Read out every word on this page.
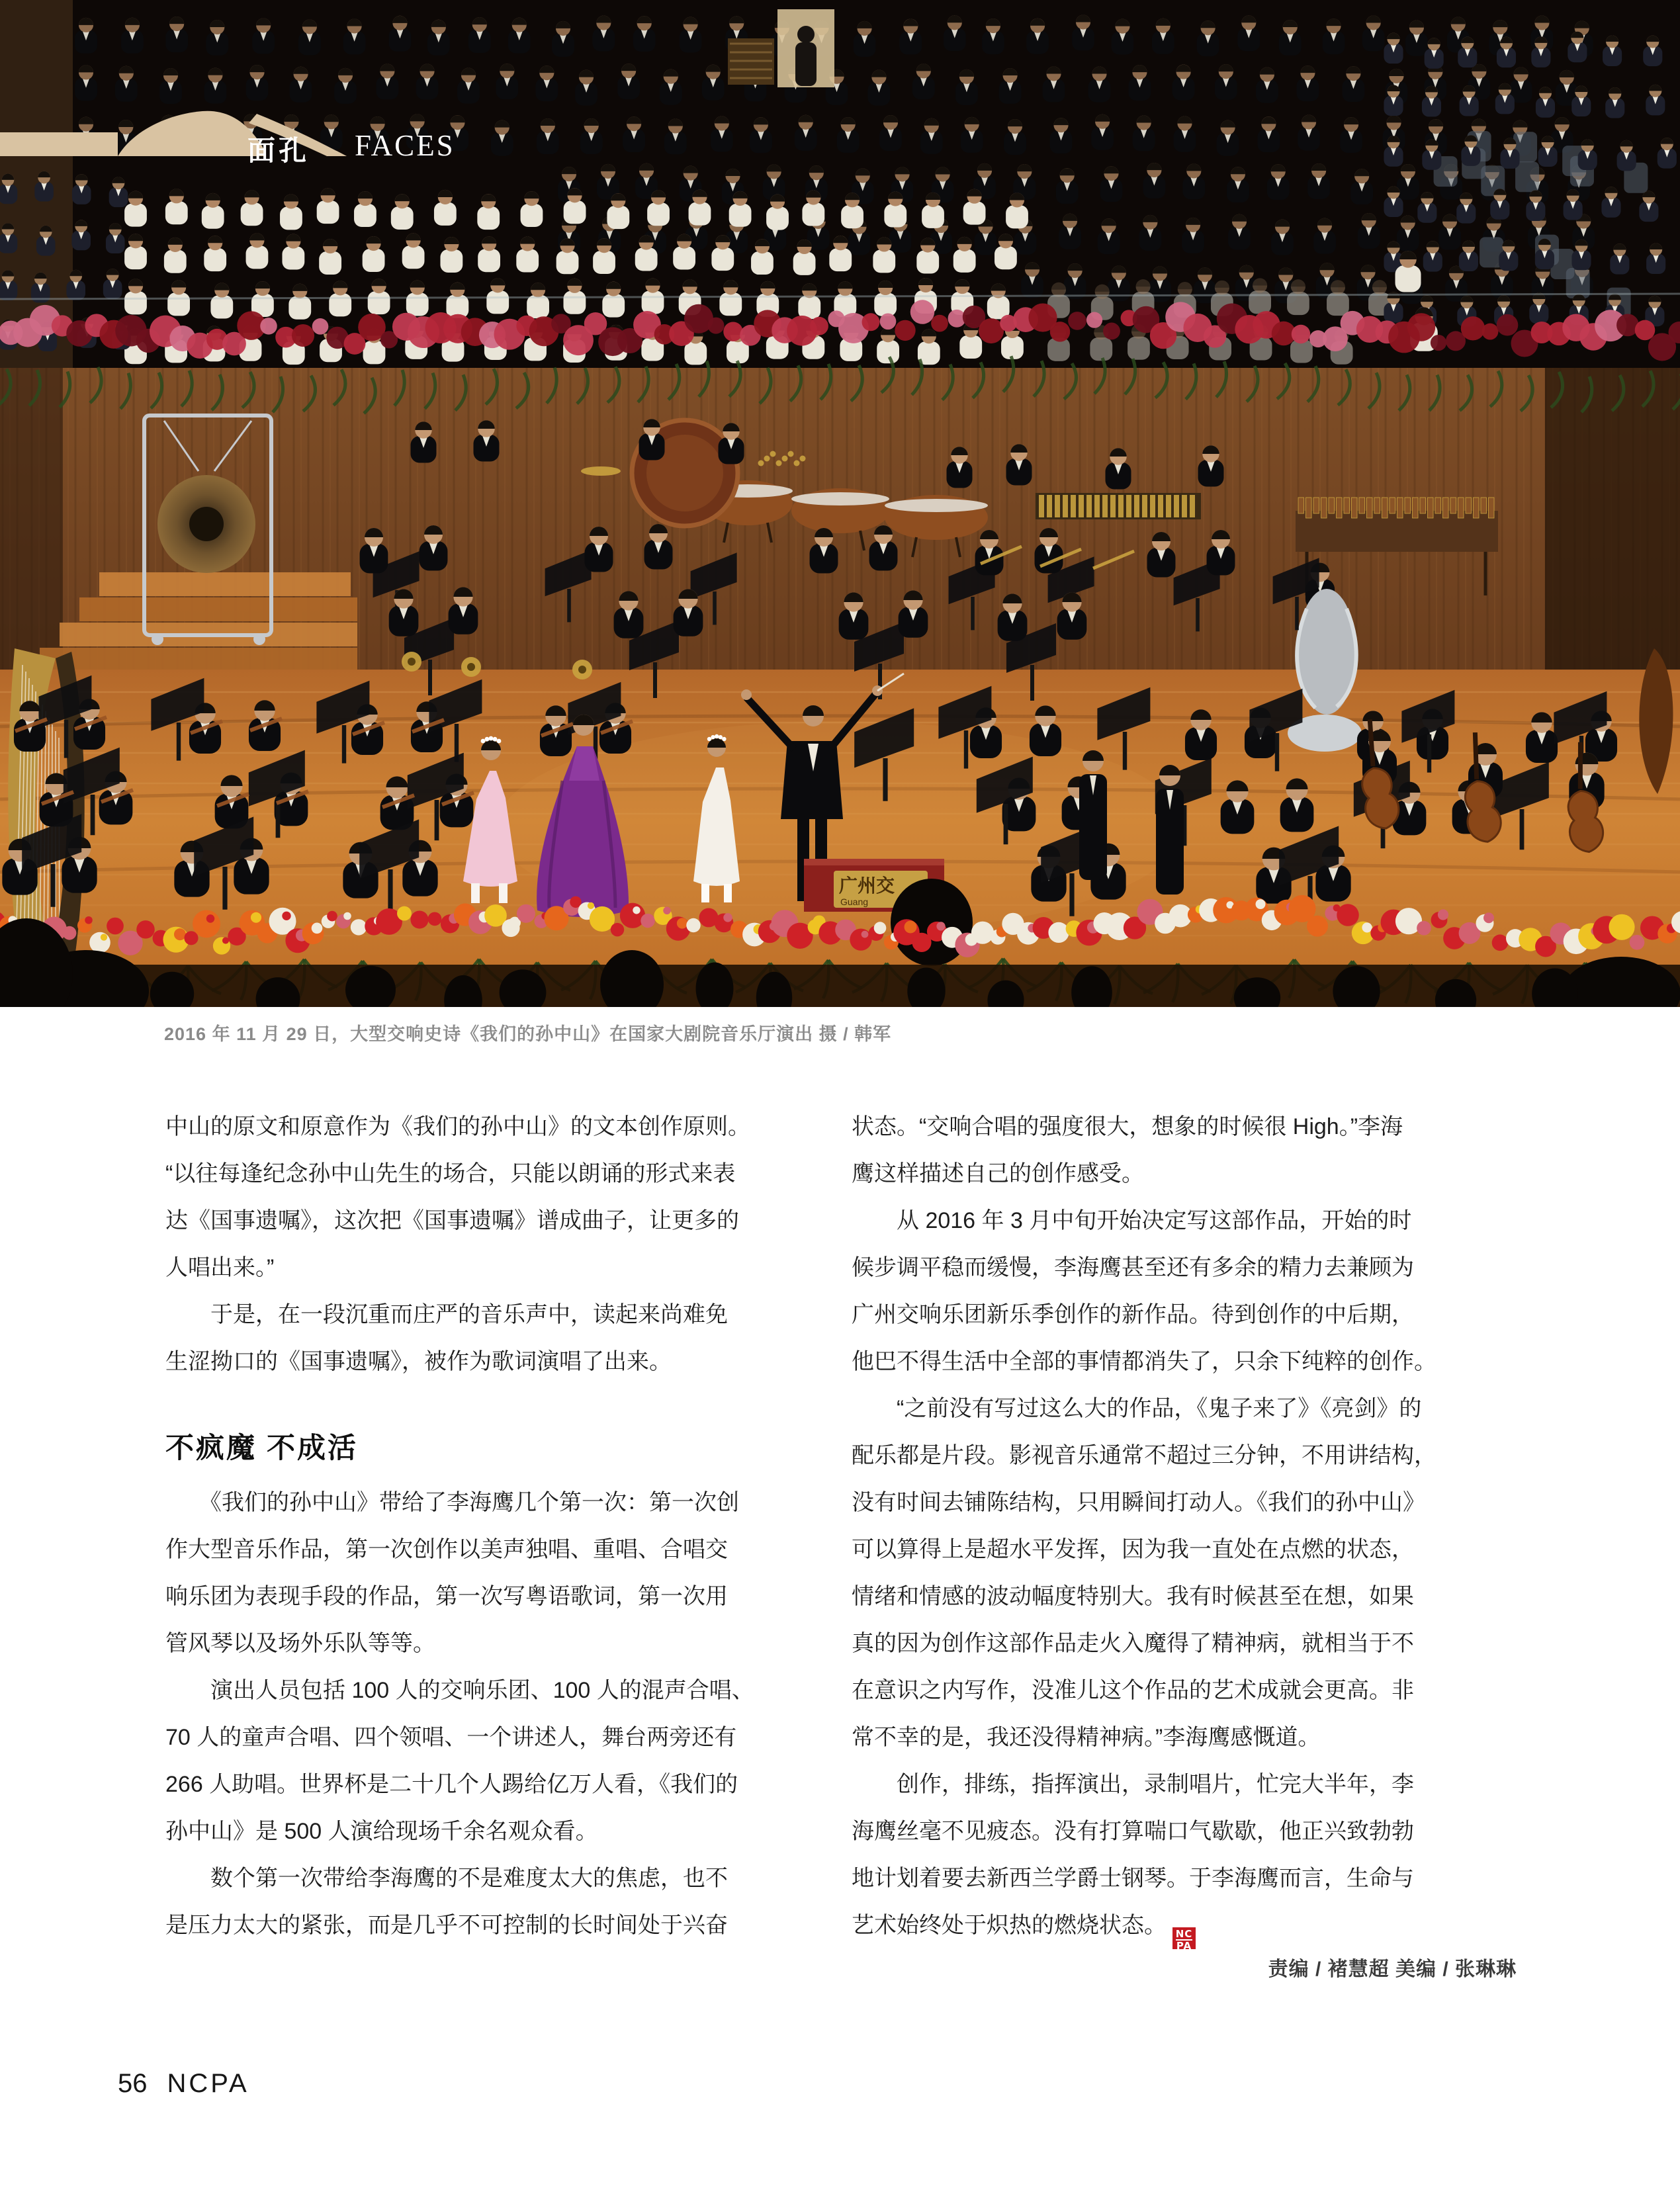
广州交
Guang
面孔 FACES
2016 年 11 月 29 日，大型交响史诗《我们的孙中山》在国家大剧院音乐厅演出 摄 / 韩军
中山的原文和原意作为《我们的孙中山》的文本创作原则。
“以往每逢纪念孙中山先生的场合，只能以朗诵的形式来表
达《国事遗嘱》，这次把《国事遗嘱》谱成曲子，让更多的
人唱出来。”
　　于是，在一段沉重而庄严的音乐声中，读起来尚难免
生涩拗口的《国事遗嘱》，被作为歌词演唱了出来。
不疯魔 不成活
　　《我们的孙中山》带给了李海鹰几个第一次：第一次创
作大型音乐作品，第一次创作以美声独唱、重唱、合唱交
响乐团为表现手段的作品，第一次写粤语歌词，第一次用
管风琴以及场外乐队等等。
　　演出人员包括 100 人的交响乐团、100 人的混声合唱、
70 人的童声合唱、四个领唱、一个讲述人，舞台两旁还有
266 人助唱。世界杯是二十几个人踢给亿万人看，《我们的
孙中山》是 500 人演给现场千余名观众看。
　　数个第一次带给李海鹰的不是难度太大的焦虑，也不
是压力太大的紧张，而是几乎不可控制的长时间处于兴奋
状态。“交响合唱的强度很大，想象的时候很 High。”李海
鹰这样描述自己的创作感受。
　　从 2016 年 3 月中旬开始决定写这部作品，开始的时
候步调平稳而缓慢，李海鹰甚至还有多余的精力去兼顾为
广州交响乐团新乐季创作的新作品。待到创作的中后期，
他巴不得生活中全部的事情都消失了，只余下纯粹的创作。
　　“之前没有写过这么大的作品，《鬼子来了》《亮剑》的
配乐都是片段。影视音乐通常不超过三分钟，不用讲结构，
没有时间去铺陈结构，只用瞬间打动人。《我们的孙中山》
可以算得上是超水平发挥，因为我一直处在点燃的状态，
情绪和情感的波动幅度特别大。我有时候甚至在想，如果
真的因为创作这部作品走火入魔得了精神病，就相当于不
在意识之内写作，没准儿这个作品的艺术成就会更高。非
常不幸的是，我还没得精神病。”李海鹰感慨道。
　　创作，排练，指挥演出，录制唱片，忙完大半年，李
海鹰丝毫不见疲态。没有打算喘口气歇歇，他正兴致勃勃
地计划着要去新西兰学爵士钢琴。于李海鹰而言，生命与
艺术始终处于炽热的燃烧状态。
$\frac{NC}{PA}$
责编 / 褚慧超 美编 / 张琳琳
56 NCPA
